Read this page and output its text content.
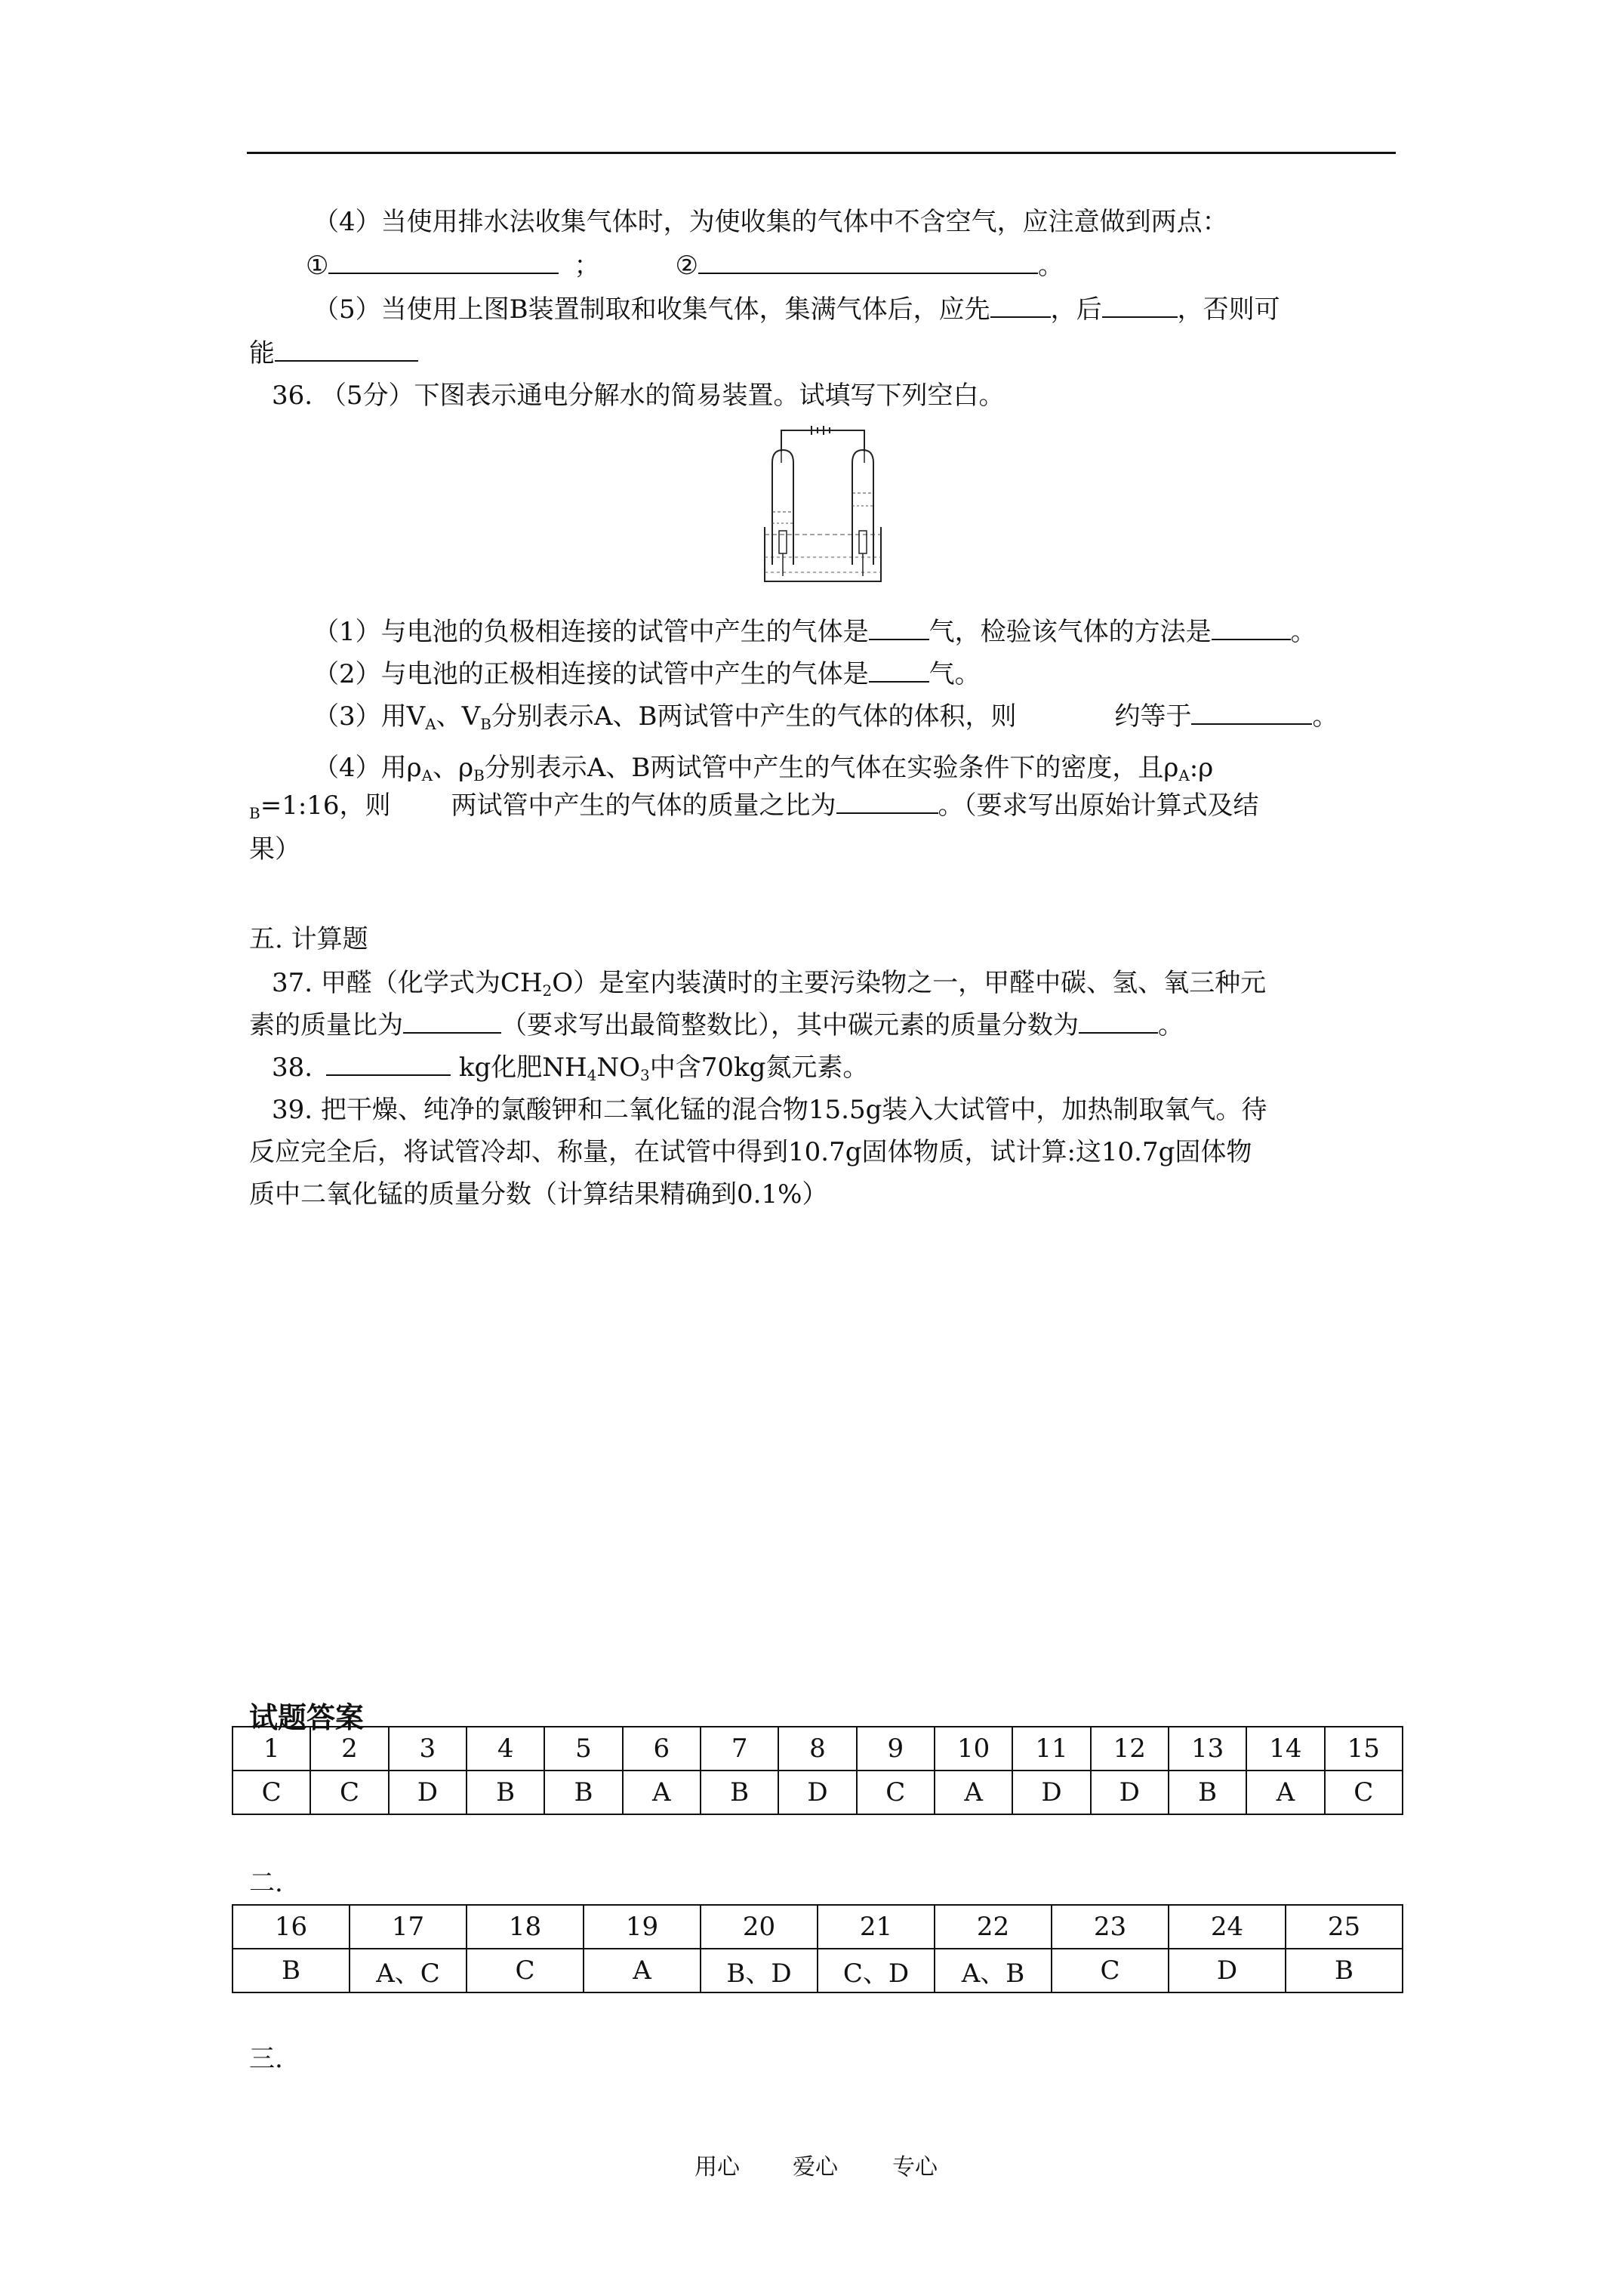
（4）当使用排水法收集气体时，为使收集的气体中不含空气，应注意做到两点：
①	；	②	。
（5）当使用上图B装置制取和收集气体，集满气体后，应先 ，后	，否则可
能
36. （5分）下图表示通电分解水的简易装置。试填写下列空白。
（1）与电池的负极相连接的试管中产生的气体是 气，检验该气体的方法是	。
（2）与电池的正极相连接的试管中产生的气体是 气。
（3）用$V_A$、$V_B$分别表示A、B两试管中产生的气体的体积，则	约等于	。
（4）用$\rho_A$、$\rho_B$分别表示A、B两试管中产生的气体在实验条件下的密度，且$\rho_A:\rho$
$_B$=1:16，则 两试管中产生的气体的质量之比为	。（要求写出原始计算式及结
果）
五. 计算题
37. 甲醛（化学式为$CH_2O$）是室内装潢时的主要污染物之一，甲醛中碳、氢、氧三种元
素的质量比为	（要求写出最简整数比），其中碳元素的质量分数为	。
38.	kg化肥$NH_4NO_3$中含70kg氮元素。
39. 把干燥、纯净的氯酸钾和二氧化锰的混合物15.5g装入大试管中，加热制取氧气。待
反应完全后，将试管冷却、称量，在试管中得到10.7g固体物质，试计算:这10.7g固体物
质中二氧化锰的质量分数（计算结果精确到0.1%）
试题答案
1	2	3	4	5	6	7	8	9	10	11	12	13	14	15
C	C	D	B	B	A	B	D	C	A	D	D	B	A	C
二.
16	17	18	19	20	21	22	23	24	25
B	A、C	C	A	B、D	C、D	A、B	C	D	B
三.
用心 爱心 专心
